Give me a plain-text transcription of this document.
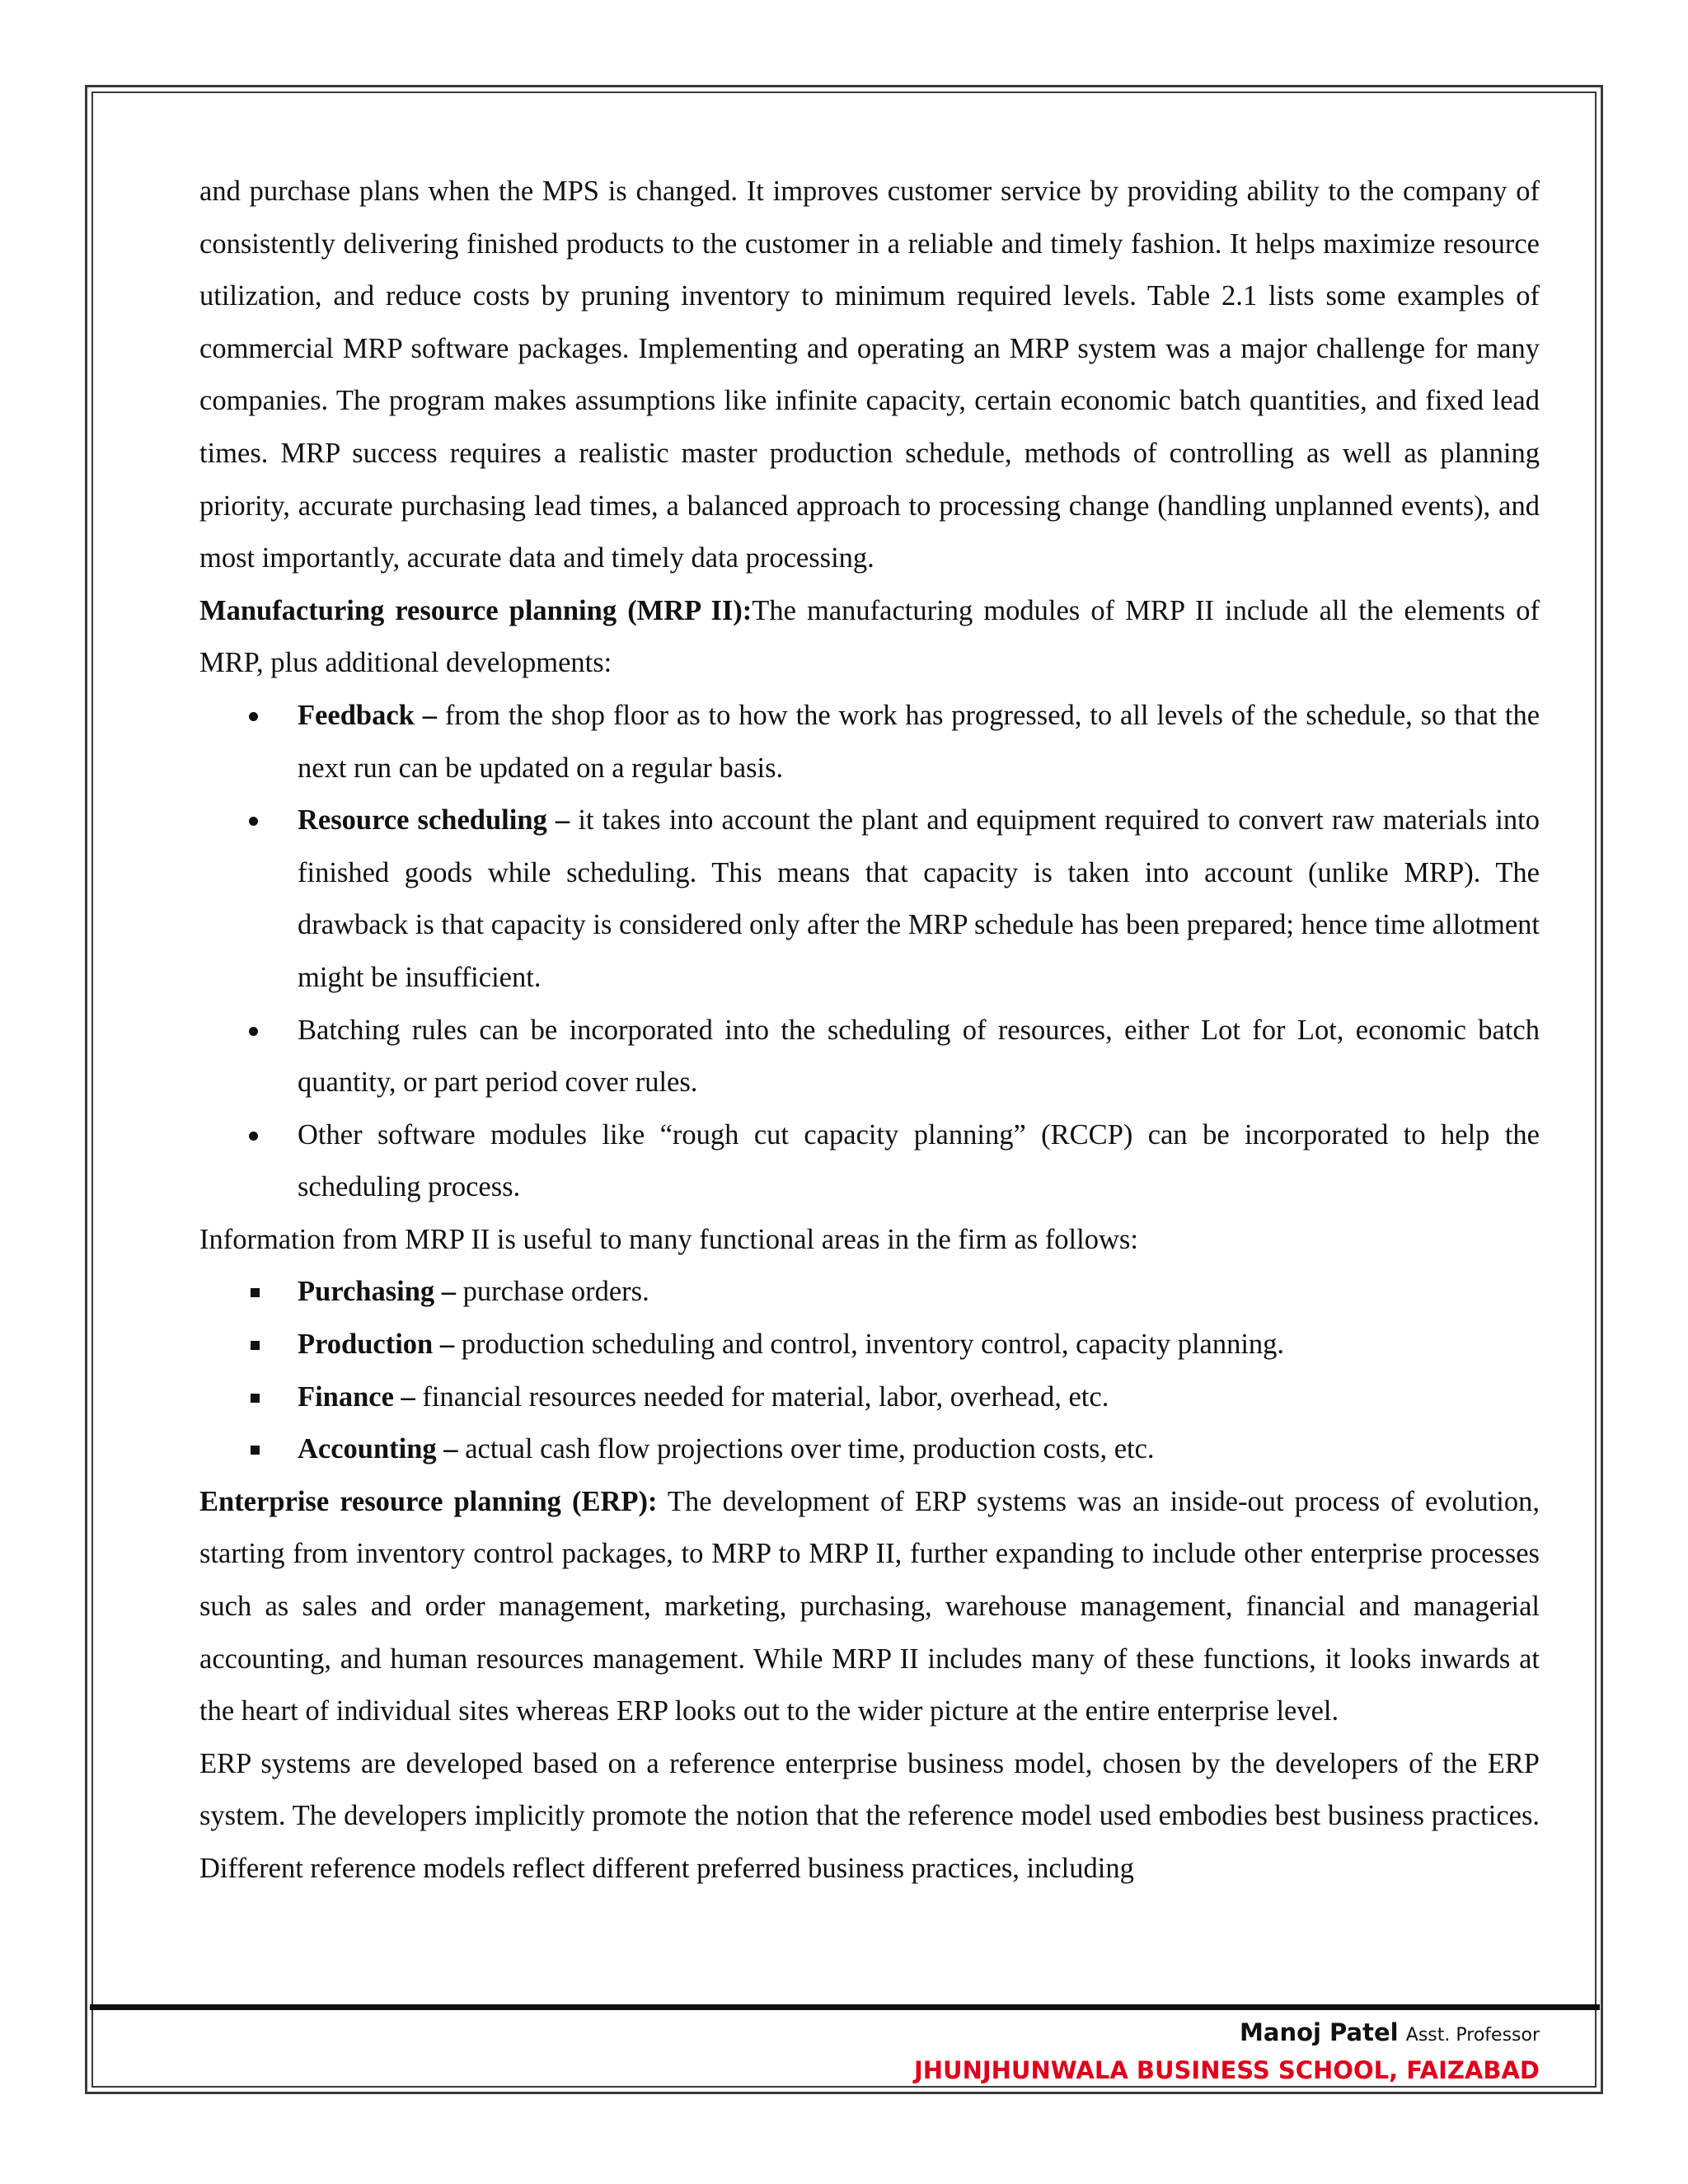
and purchase plans when the MPS is changed. It improves customer service by providing ability to the company of consistently delivering finished products to the customer in a reliable and timely fashion. It helps maximize resource utilization, and reduce costs by pruning inventory to minimum required levels. Table 2.1 lists some examples of commercial MRP software packages. Implementing and operating an MRP system was a major challenge for many companies. The program makes assumptions like infinite capacity, certain economic batch quantities, and fixed lead times. MRP success requires a realistic master production schedule, methods of controlling as well as planning priority, accurate purchasing lead times, a balanced approach to processing change (handling unplanned events), and most importantly, accurate data and timely data processing.

Manufacturing resource planning (MRP II):The manufacturing modules of MRP II include all the elements of MRP, plus additional developments:

Feedback – from the shop floor as to how the work has progressed, to all levels of the schedule, so that the next run can be updated on a regular basis.
Resource scheduling – it takes into account the plant and equipment required to convert raw materials into finished goods while scheduling. This means that capacity is taken into account (unlike MRP). The drawback is that capacity is considered only after the MRP schedule has been prepared; hence time allotment might be insufficient.
Batching rules can be incorporated into the scheduling of resources, either Lot for Lot, economic batch quantity, or part period cover rules.
Other software modules like “rough cut capacity planning” (RCCP) can be incorporated to help the scheduling process.

Information from MRP II is useful to many functional areas in the firm as follows:

Purchasing – purchase orders.
Production – production scheduling and control, inventory control, capacity planning.
Finance – financial resources needed for material, labor, overhead, etc.
Accounting – actual cash flow projections over time, production costs, etc.

Enterprise resource planning (ERP): The development of ERP systems was an inside-out process of evolution, starting from inventory control packages, to MRP to MRP II, further expanding to include other enterprise processes such as sales and order management, marketing, purchasing, warehouse management, financial and managerial accounting, and human resources management. While MRP II includes many of these functions, it looks inwards at the heart of individual sites whereas ERP looks out to the wider picture at the entire enterprise level.

ERP systems are developed based on a reference enterprise business model, chosen by the developers of the ERP system. The developers implicitly promote the notion that the reference model used embodies best business practices. Different reference models reflect different preferred business practices, including

Manoj Patel Asst. Professor
JHUNJHUNWALA BUSINESS SCHOOL, FAIZABAD
